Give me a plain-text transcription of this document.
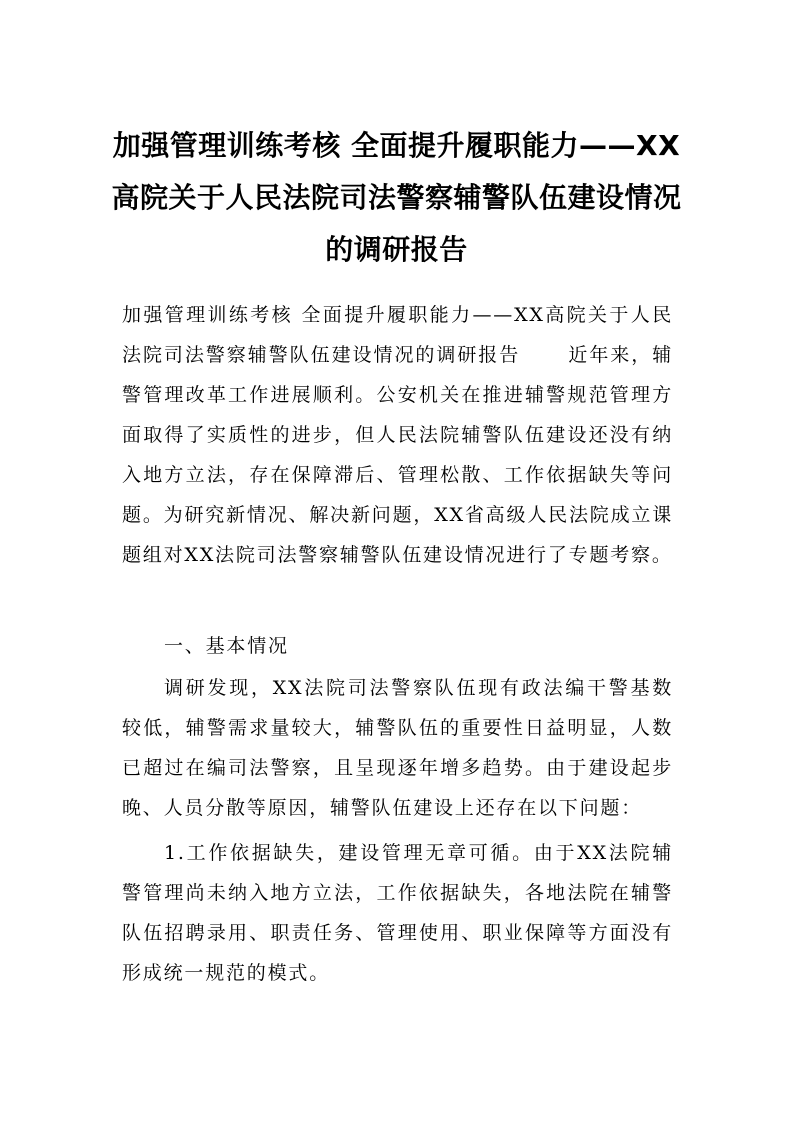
加强管理训练考核 全面提升履职能力——XX高院关于人民法院司法警察辅警队伍建设情况的调研报告

加强管理训练考核 全面提升履职能力——XX高院关于人民法院司法警察辅警队伍建设情况的调研报告	近年来，辅警管理改革工作进展顺利。公安机关在推进辅警规范管理方面取得了实质性的进步，但人民法院辅警队伍建设还没有纳入地方立法，存在保障滞后、管理松散、工作依据缺失等问题。为研究新情况、解决新问题，XX省高级人民法院成立课题组对XX法院司法警察辅警队伍建设情况进行了专题考察。

一、基本情况

调研发现，XX法院司法警察队伍现有政法编干警基数较低，辅警需求量较大，辅警队伍的重要性日益明显，人数已超过在编司法警察，且呈现逐年增多趋势。由于建设起步晚、人员分散等原因，辅警队伍建设上还存在以下问题：

1.工作依据缺失，建设管理无章可循。由于XX法院辅警管理尚未纳入地方立法，工作依据缺失，各地法院在辅警队伍招聘录用、职责任务、管理使用、职业保障等方面没有形成统一规范的模式。
